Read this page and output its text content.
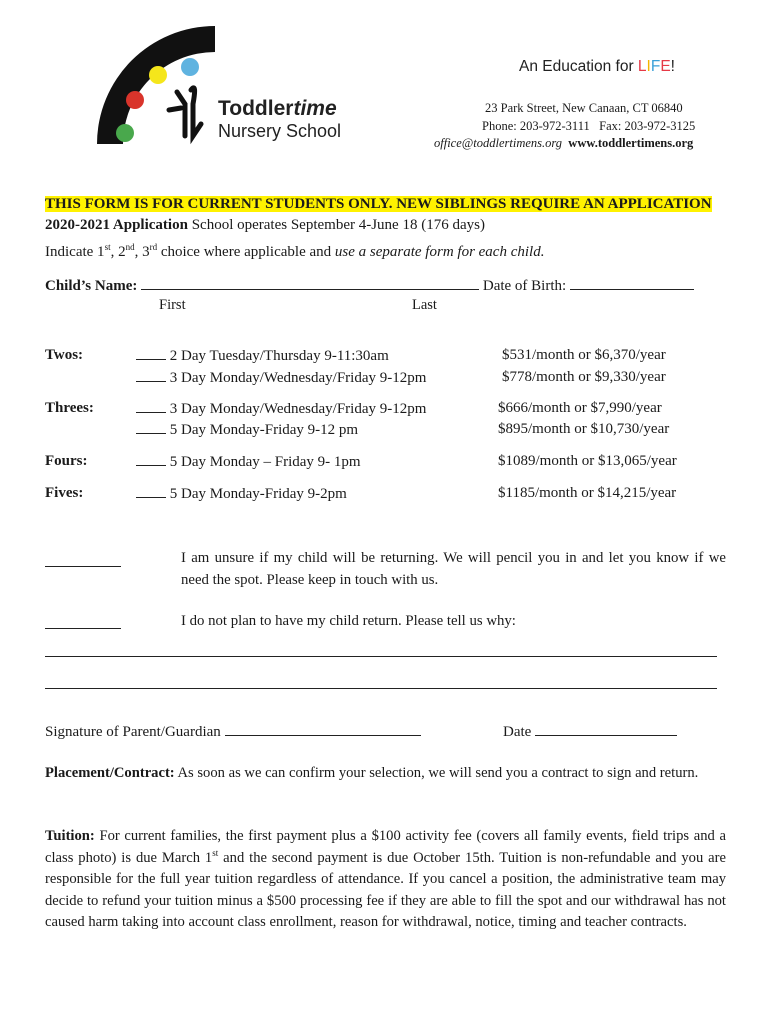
Toddlertime
Nursery School
An Education for LIFE!
23 Park Street, New Canaan, CT 06840
Phone: 203-972-3111   Fax: 203-972-3125
office@toddlertimens.org www.toddlertimens.org
THIS FORM IS FOR CURRENT STUDENTS ONLY. NEW SIBLINGS REQUIRE AN APPLICATION
2020-2021 Application School operates September 4-June 18 (176 days)
Indicate 1st, 2nd, 3rd choice where applicable and use a separate form for each child.
Child’s Name:	Date of Birth:
First	Last
Twos:	2 Day Tuesday/Thursday 9-11:30am	$531/month or $6,370/year
3 Day Monday/Wednesday/Friday 9-12pm	$778/month or $9,330/year
Threes:	3 Day Monday/Wednesday/Friday 9-12pm	$666/month or $7,990/year
5 Day Monday-Friday 9-12 pm	$895/month or $10,730/year
Fours:	5 Day Monday – Friday 9- 1pm	$1089/month or $13,065/year
Fives:	5 Day Monday-Friday 9-2pm	$1185/month or $14,215/year
I am unsure if my child will be returning. We will pencil you in and let you know if we need the spot. Please keep in touch with us.
I do not plan to have my child return. Please tell us why:
Signature of Parent/Guardian	Date
Placement/Contract: As soon as we can confirm your selection, we will send you a contract to sign and return.
Tuition: For current families, the first payment plus a $100 activity fee (covers all family events, field trips and a class photo) is due March 1st and the second payment is due October 15th. Tuition is non-refundable and you are responsible for the full year tuition regardless of attendance. If you cancel a position, the administrative team may decide to refund your tuition minus a $500 processing fee if they are able to fill the spot and our withdrawal has not caused harm taking into account class enrollment, reason for withdrawal, notice, timing and teacher contracts.
